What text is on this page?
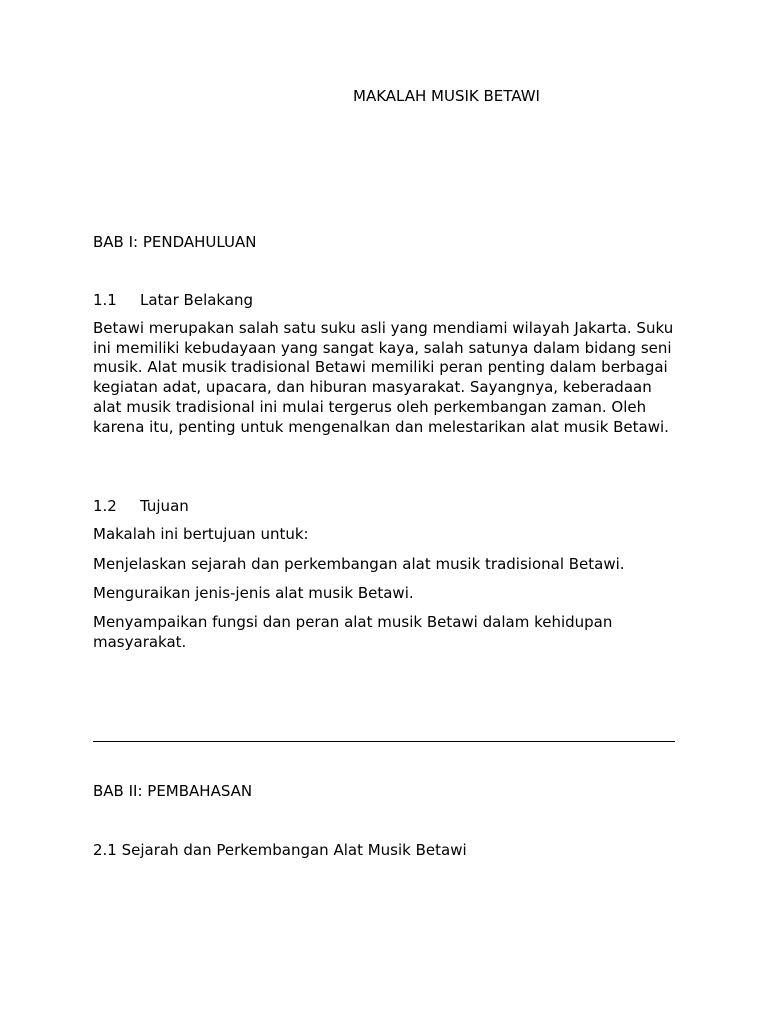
MAKALAH MUSIK BETAWI
BAB I: PENDAHULUAN
1.1 Latar Belakang

Betawi merupakan salah satu suku asli yang mendiami wilayah Jakarta. Suku ini memiliki kebudayaan yang sangat kaya, salah satunya dalam bidang seni musik. Alat musik tradisional Betawi memiliki peran penting dalam berbagai kegiatan adat, upacara, dan hiburan masyarakat. Sayangnya, keberadaan alat musik tradisional ini mulai tergerus oleh perkembangan zaman. Oleh karena itu, penting untuk mengenalkan dan melestarikan alat musik Betawi.

1.2 Tujuan

Makalah ini bertujuan untuk:

Menjelaskan sejarah dan perkembangan alat musik tradisional Betawi.

Menguraikan jenis-jenis alat musik Betawi.

Menyampaikan fungsi dan peran alat musik Betawi dalam kehidupan masyarakat.

BAB II: PEMBAHASAN
2.1 Sejarah dan Perkembangan Alat Musik Betawi
